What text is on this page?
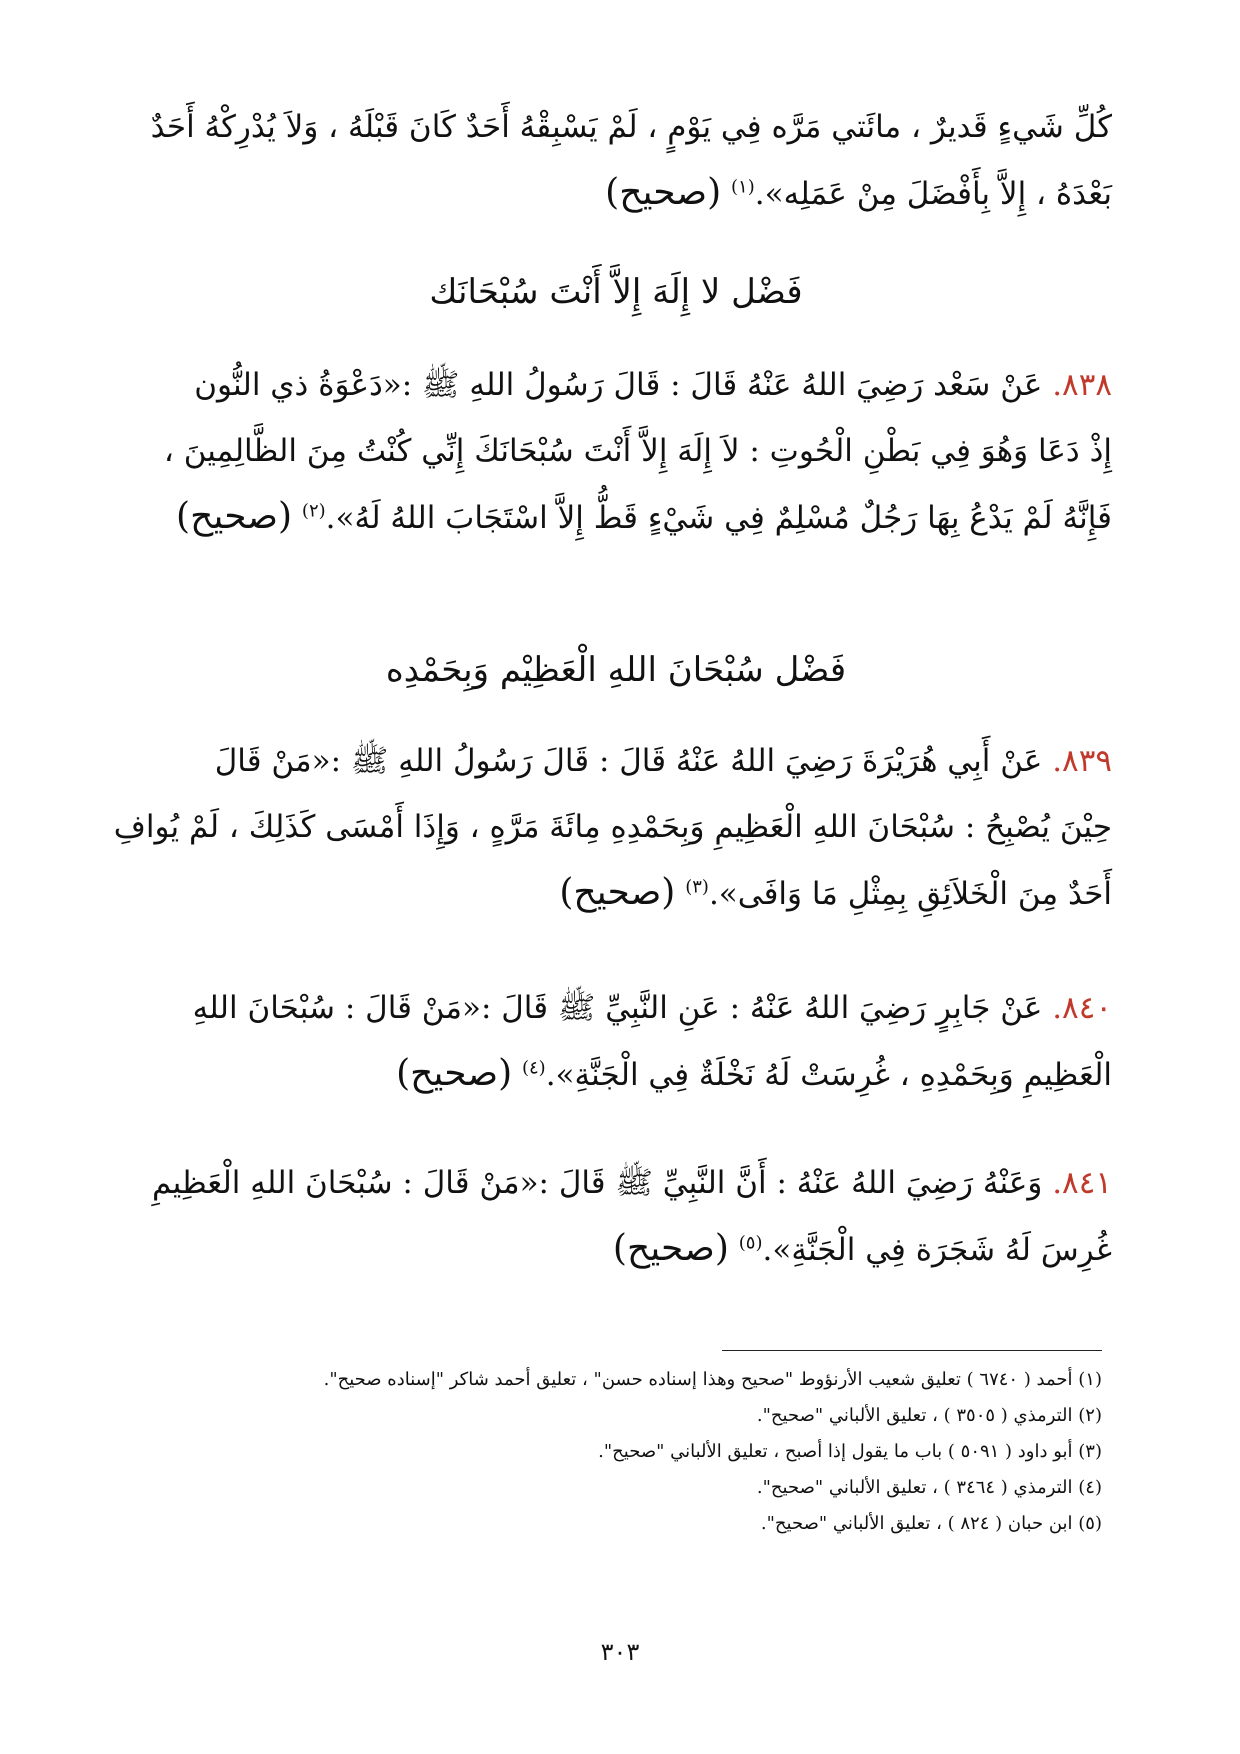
كُلِّ شَيءٍ قَديرٌ ، مائَتي مَرَّه فِي يَوْمٍ ، لَمْ يَسْبِقْهُ أَحَدٌ كَانَ قَبْلَهُ ، وَلاَ يُدْرِكْهُ أَحَدٌ
بَعْدَهُ ، إِلاَّ بِأَفْضَلَ مِنْ عَمَلِه».$^{(١)}$ (صحيح)
فَضْل لا إِلَهَ إِلاَّ أَنْتَ سُبْحَانَك
٨٣٨. عَنْ سَعْد رَضِيَ اللهُ عَنْهُ قَالَ : قَالَ رَسُولُ اللهِ ﷺ :«دَعْوَةُ ذي النُّون
إِذْ دَعَا وَهُوَ فِي بَطْنِ الْحُوتِ : لاَ إِلَهَ إِلاَّ أَنْتَ سُبْحَانَكَ إِنِّي كُنْتُ مِنَ الظَّالِمِينَ ،
فَإِنَّهُ لَمْ يَدْعُ بِهَا رَجُلٌ مُسْلِمٌ فِي شَيْءٍ قَطُّ إِلاَّ اسْتَجَابَ اللهُ لَهُ».$^{(٢)}$ (صحيح)
فَضْل سُبْحَانَ اللهِ الْعَظِيْم وَبِحَمْدِه
٨٣٩. عَنْ أَبِي هُرَيْرَةَ رَضِيَ اللهُ عَنْهُ قَالَ : قَالَ رَسُولُ اللهِ ﷺ :«مَنْ قَالَ
حِيْنَ يُصْبِحُ : سُبْحَانَ اللهِ الْعَظِيمِ وَبِحَمْدِهِ مِائَةَ مَرَّهٍ ، وَإِذَا أَمْسَى كَذَلِكَ ، لَمْ يُوافِ
أَحَدٌ مِنَ الْخَلاَئِقِ بِمِثْلِ مَا وَافَى».$^{(٣)}$ (صحيح)
٨٤٠. عَنْ جَابِرٍ رَضِيَ اللهُ عَنْهُ : عَنِ النَّبِيِّ ﷺ قَالَ :«مَنْ قَالَ : سُبْحَانَ اللهِ
الْعَظِيمِ وَبِحَمْدِهِ ، غُرِسَتْ لَهُ نَخْلَةٌ فِي الْجَنَّةِ».$^{(٤)}$ (صحيح)
٨٤١. وَعَنْهُ رَضِيَ اللهُ عَنْهُ : أَنَّ النَّبِيِّ ﷺ قَالَ :«مَنْ قَالَ : سُبْحَانَ اللهِ الْعَظِيمِ
غُرِسَ لَهُ شَجَرَة فِي الْجَنَّةِ».$^{(٥)}$ (صحيح)
(١) أحمد ( ٦٧٤٠ ) تعليق شعيب الأرنؤوط "صحيح وهذا إسناده حسن" ، تعليق أحمد شاكر "إسناده صحيح".
(٢) الترمذي ( ٣٥٠٥ ) ، تعليق الألباني "صحيح".
(٣) أبو داود ( ٥٠٩١ ) باب ما يقول إذا أصبح ، تعليق الألباني "صحيح".
(٤) الترمذي ( ٣٤٦٤ ) ، تعليق الألباني "صحيح".
(٥) ابن حبان ( ٨٢٤ ) ، تعليق الألباني "صحيح".
٣٠٣
